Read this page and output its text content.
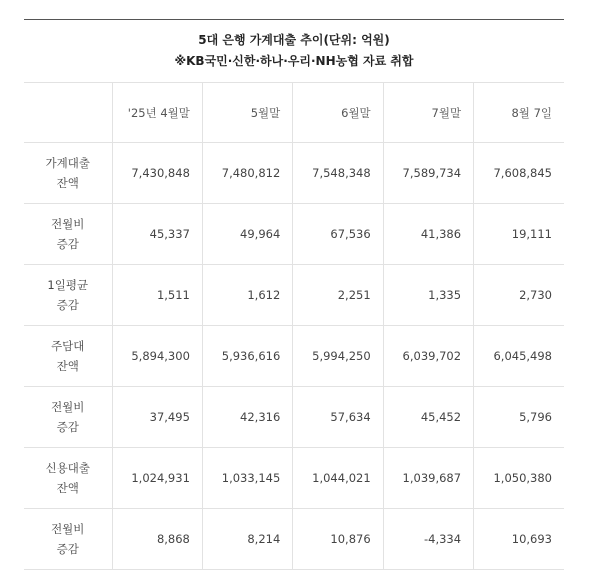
5대 은행 가계대출 추이(단위: 억원)
※KB국민·신한·하나·우리·NH농협 자료 취합					

	'25년 4월말	5월말	6월말	7월말	8월 7일

가계대출
잔액	7,430,848	7,480,812	7,548,348	7,589,734	7,608,845

전월비
증감	45,337	49,964	67,536	41,386	19,111

1일평균
증감	1,511	1,612	2,251	1,335	2,730

주담대
잔액	5,894,300	5,936,616	5,994,250	6,039,702	6,045,498

전월비
증감	37,495	42,316	57,634	45,452	5,796

신용대출
잔액	1,024,931	1,033,145	1,044,021	1,039,687	1,050,380

전월비
증감	8,868	8,214	10,876	-4,334	10,693
